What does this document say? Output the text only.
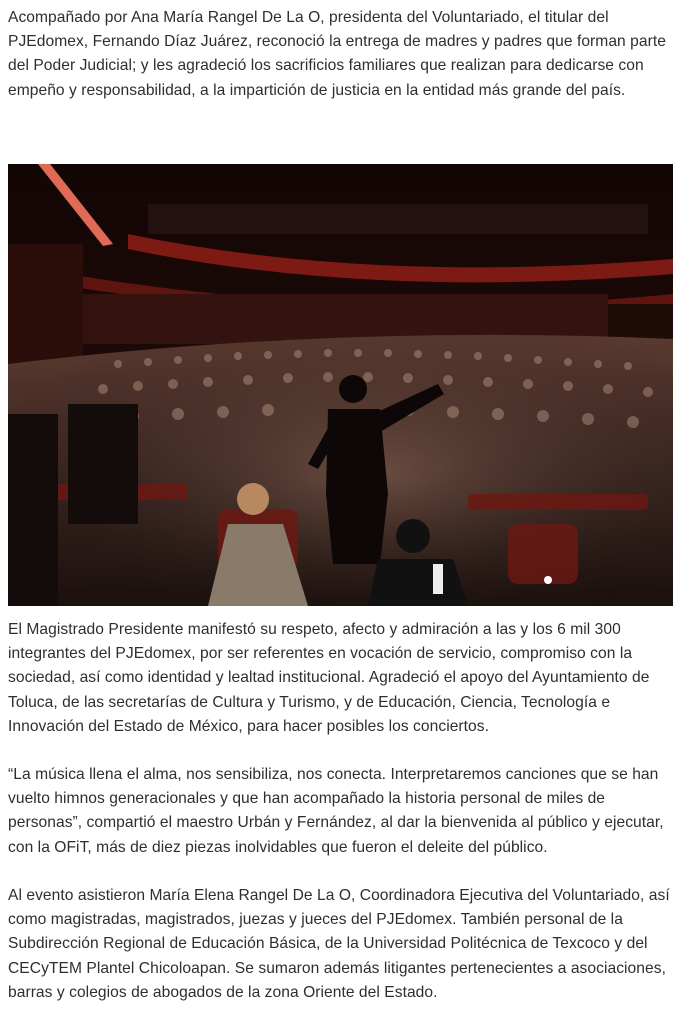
Acompañado por Ana María Rangel De La O, presidenta del Voluntariado, el titular del PJEdomex, Fernando Díaz Juárez, reconoció la entrega de madres y padres que forman parte del Poder Judicial; y les agradeció los sacrificios familiares que realizan para dedicarse con empeño y responsabilidad, a la impartición de justicia en la entidad más grande del país.

El Magistrado Presidente manifestó su respeto, afecto y admiración a las y los 6 mil 300 integrantes del PJEdomex, por ser referentes en vocación de servicio, compromiso con la sociedad, así como identidad y lealtad institucional. Agradeció el apoyo del Ayuntamiento de Toluca, de las secretarías de Cultura y Turismo, y de Educación, Ciencia, Tecnología e Innovación del Estado de México, para hacer posibles los conciertos.

“La música llena el alma, nos sensibiliza, nos conecta. Interpretaremos canciones que se han vuelto himnos generacionales y que han acompañado la historia personal de miles de personas”, compartió el maestro Urbán y Fernández, al dar la bienvenida al público y ejecutar, con la OFiT, más de diez piezas inolvidables que fueron el deleite del público.

Al evento asistieron María Elena Rangel De La O, Coordinadora Ejecutiva del Voluntariado, así como magistradas, magistrados, juezas y jueces del PJEdomex. También personal de la Subdirección Regional de Educación Básica, de la Universidad Politécnica de Texcoco y del CECyTEM Plantel Chicoloapan. Se sumaron además litigantes pertenecientes a asociaciones, barras y colegios de abogados de la zona Oriente del Estado.
